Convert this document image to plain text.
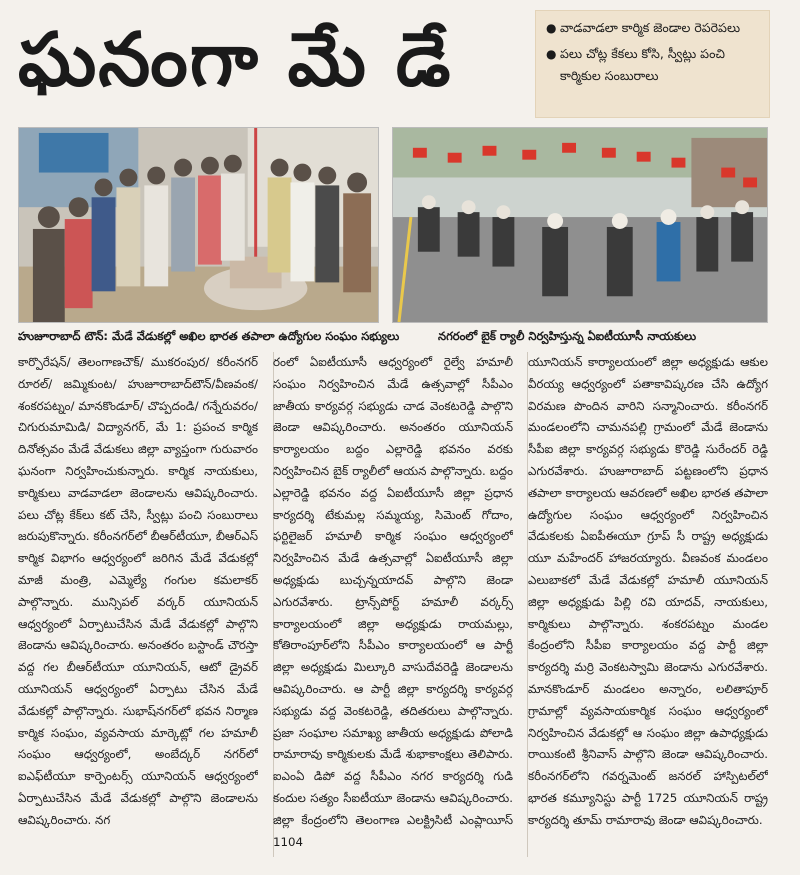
ఘనంగా మే డే	● వాడవాడలా కార్మిక జెండాల రెపరెపలు
● పలు చోట్ల కేకలు కోసి, స్వీట్లు పంచి కార్మికుల సంబురాలు
హుజూరాబాద్ టౌన్: మేడే వేడుకల్లో అఖిల భారత తపాలా ఉద్యోగుల సంఘం సభ్యులు	నగరంలో బైక్ ర్యాలీ నిర్వహిస్తున్న ఏఐటీయూసీ నాయకులు

కార్పొరేషన్/ తెలంగాణచౌక్/ ముకరంపుర/ కరీంనగర్ రూరల్/ జమ్మికుంట/ హుజూరాబాద్‌టౌన్/వీణవంక/ శంకరపట్నం/ మానకొండూర్/ చొప్పదండి/ గన్నేరువరం/ చిగురుమామిడి/ విద్యానగర్, మే 1: ప్రపంచ కార్మిక దినోత్సవం మేడే వేడుకలు జిల్లా వ్యాప్తంగా గురువారం ఘనంగా నిర్వహించుకున్నారు. కార్మిక నాయకులు, కార్మికులు వాడవాడలా జెండాలను ఆవిష్కరించారు. పలు చోట్ల కేక్‌లు కట్ చేసి, స్వీట్లు పంచి సంబురాలు జరుపుకొన్నారు. కరీంనగర్‌లో బీఆర్‌టీయూ, బీఆర్‌ఎస్ కార్మిక విభాగం ఆధ్వర్యంలో జరిగిన మేడే వేడుకల్లో మాజీ మంత్రి, ఎమ్మెల్యే గంగుల కమలాకర్ పాల్గొన్నారు. మున్సిపల్ వర్కర్ యూనియన్ ఆధ్వర్యంలో ఏర్పాటుచేసిన మేడే వేడుకల్లో పాల్గొని జెండాను ఆవిష్కరించారు. అనంతరం బస్టాండ్ చౌరస్తా వద్ద గల బీఆర్‌టీయూ యూనియన్, ఆటో డ్రైవర్ యూనియన్ ఆధ్వర్యంలో ఏర్పాటు చేసిన మేడే వేడుకల్లో పాల్గొన్నారు. సుభాష్‌నగర్‌లో భవన నిర్మాణ కార్మిక సంఘం, వ్యవసాయ మార్కెట్లో గల హమాలీ సంఘం ఆధ్వర్యంలో, అంబేద్కర్ నగర్‌లో ఐఎఫ్‌టీయూ కార్పెంటర్స్ యూనియన్ ఆధ్వర్యంలో ఏర్పాటుచేసిన మేడే వేడుకల్లో పాల్గొని జెండాలను ఆవిష్కరించారు. నగ

రంలో ఏఐటీయూసీ ఆధ్వర్యంలో రైల్వే హమాలీ సంఘం నిర్వహించిన మేడే ఉత్సవాల్లో సీపీఎం జాతీయ కార్యవర్గ సభ్యుడు చాడ వెంకటరెడ్డి పాల్గొని జెండా ఆవిష్కరించారు. అనంతరం యూనియన్ కార్యాలయం బద్దం ఎల్లారెడ్డి భవనం వరకు నిర్వహించిన బైక్ ర్యాలీలో ఆయన పాల్గొన్నారు. బద్దం ఎల్లారెడ్డి భవనం వద్ద ఏఐటీయూసీ జిల్లా ప్రధాన కార్యదర్శి టేకుమల్ల సమ్మయ్య, సిమెంట్ గోదాం, ఫర్టిలైజర్ హమాలీ కార్మిక సంఘం ఆధ్వర్యంలో నిర్వహించిన మేడే ఉత్సవాల్లో ఏఐటీయూసీ జిల్లా అధ్యక్షుడు బుచ్చన్నయాదవ్ పాల్గొని జెండా ఎగురవేశారు. ట్రాన్స్‌పోర్ట్ హమాలీ వర్కర్స్ కార్యాలయంలో జిల్లా అధ్యక్షుడు రాయమల్లు, కోతిరాంపూర్‌లోని సీపీఎం కార్యాలయంలో ఆ పార్టీ జిల్లా అధ్యక్షుడు మిల్కూరి వాసుదేవరెడ్డి జెండాలను ఆవిష్కరించారు. ఆ పార్టీ జిల్లా కార్యదర్శి కార్యవర్గ సభ్యుడు వద్ద వెంకటరెడ్డి, తదితరులు పాల్గొన్నారు. ప్రజా సంఘాల సమాఖ్య జాతీయ అధ్యక్షుడు పోలాడి రామారావు కార్మికులకు మేడే శుభాకాంక్షలు తెలిపారు. ఐఎంఏ డిపో వద్ద సీపీఎం నగర కార్యదర్శి గుడి కందుల సత్యం సీఐటీయూ జెండాను ఆవిష్కరించారు. జిల్లా కేంద్రంలోని తెలంగాణ ఎలక్ట్రిసిటీ ఎంప్లాయీస్ 1104

యూనియన్ కార్యాలయంలో జిల్లా అధ్యక్షుడు ఆకుల వీరయ్య ఆధ్వర్యంలో పతాకావిష్కరణ చేసి ఉద్యోగ విరమణ పొందిన వారిని సన్మానించారు. కరీంనగర్ మండలంలోని చామనపల్లి గ్రామంలో మేడే జెండాను సీపీఐ జిల్లా కార్యవర్గ సభ్యుడు కొరెడ్డి సురేందర్ రెడ్డి ఎగురవేశారు. హుజూరాబాద్ పట్టణంలోని ప్రధాన తపాలా కార్యాలయ ఆవరణలో అఖిల భారత తపాలా ఉద్యోగుల సంఘం ఆధ్వర్యంలో నిర్వహించిన వేడుకలకు ఏఐపీఈయూ గ్రూప్ సీ రాష్ట్ర అధ్యక్షుడు యూ మహేందర్ హాజరయ్యారు. వీణవంక మండలం ఎలుబాకలో మేడే వేడుకల్లో హమాలీ యూనియన్ జిల్లా అధ్యక్షుడు పిల్లి రవి యాదవ్, నాయకులు, కార్మికులు పాల్గొన్నారు. శంకరపట్నం మండల కేంద్రంలోని సీపీఐ కార్యాలయం వద్ద పార్టీ జిల్లా కార్యదర్శి మర్రి వెంకటస్వామి జెండాను ఎగురవేశారు. మానకొండూర్ మండలం అన్నారం, లలితాపూర్ గ్రామాల్లో వ్యవసాయకార్మిక సంఘం ఆధ్వర్యంలో నిర్వహించిన వేడుకల్లో ఆ సంఘం జిల్లా ఉపాధ్యక్షుడు రాయికంటి శ్రీనివాస్ పాల్గొని జెండా ఆవిష్కరించారు. కరీంనగర్‌లోని గవర్నమెంట్ జనరల్ హాస్పిటల్‌లో భారత కమ్యూనిస్టు పార్టీ 1725 యూనియన్ రాష్ట్ర కార్యదర్శి తూమ్ రామారావు జెండా ఆవిష్కరించారు.
